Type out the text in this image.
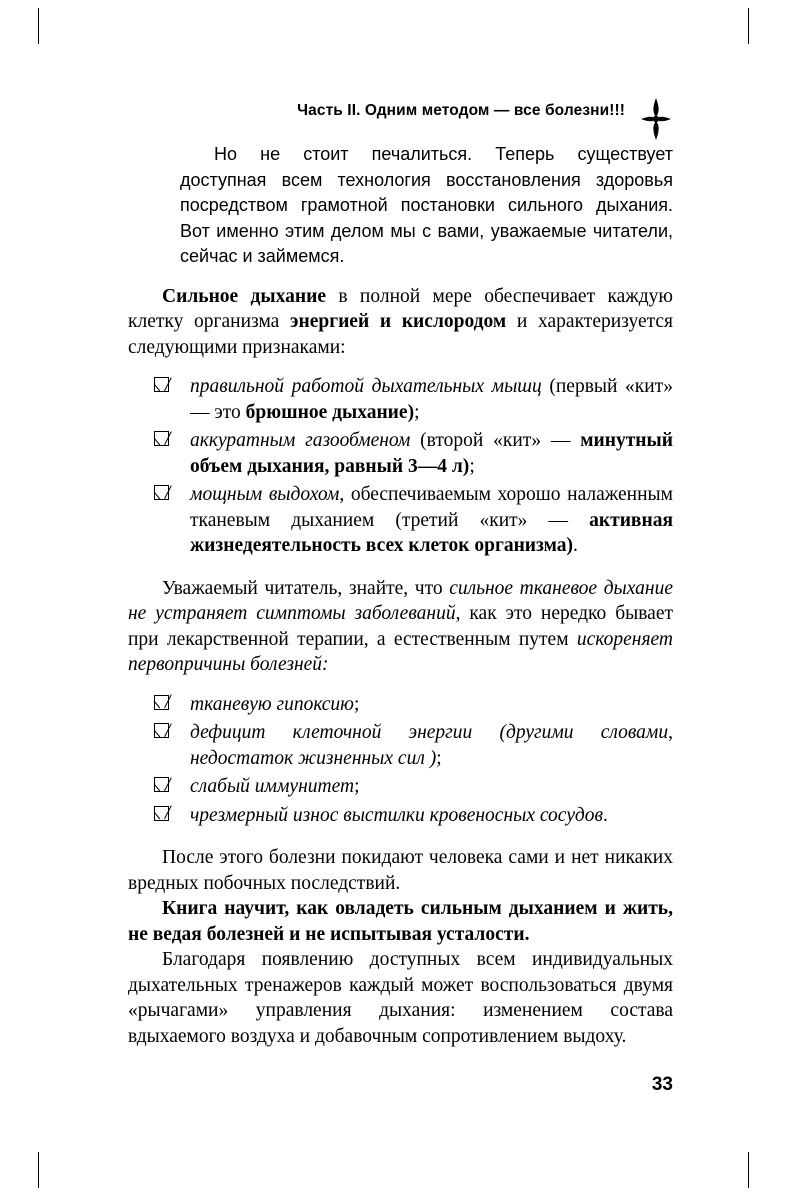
Часть II. Одним методом — все болезни!!!

Но не стоит печалиться. Теперь существует доступная всем технология восстановления здоровья посредством грамотной постановки сильного дыхания. Вот именно этим делом мы с вами, уважаемые читатели, сейчас и займемся.

Сильное дыхание в полной мере обеспечивает каждую клетку организма энергией и кислородом и характеризуется следующими признаками:

правильной работой дыхательных мышц (первый «кит» — это брюшное дыхание);
аккуратным газообменом (второй «кит» — минутный объем дыхания, равный 3—4 л);
мощным выдохом, обеспечиваемым хорошо налаженным тканевым дыханием (третий «кит» — активная жизнедеятельность всех клеток организма).

Уважаемый читатель, знайте, что сильное тканевое дыхание не устраняет симптомы заболеваний, как это нередко бывает при лекарственной терапии, а естественным путем искореняет первопричины болезней:

тканевую гипоксию;
дефицит клеточной энергии (другими словами, недостаток жизненных сил );
слабый иммунитет;
чрезмерный износ выстилки кровеносных сосудов.

После этого болезни покидают человека сами и нет никаких вредных побочных последствий.

Книга научит, как овладеть сильным дыханием и жить, не ведая болезней и не испытывая усталости.

Благодаря появлению доступных всем индивидуальных дыхательных тренажеров каждый может воспользоваться двумя «рычагами» управления дыхания: изменением состава вдыхаемого воздуха и добавочным сопротивлением выдоху.

33
